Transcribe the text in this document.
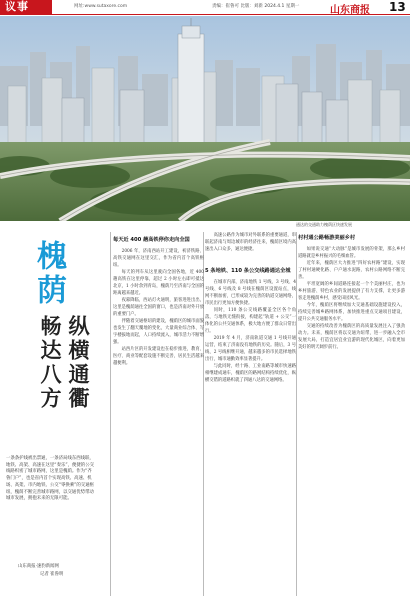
议事	网址:www.sutaxore.com	责编：崔鲁可 比版：刘新 2024.4.1 星期一	山东商报 13
通达的交通助力槐荫区快速发展
槐荫
纵横通衢 畅达八方
一条条护线被出票通，一条济局线东西线联，地铁、高架、高速在这里“奏乐”，便捷的公交线路织密了城市路网，这里是槐荫。作为“齐鲁门户”，也是省内首个实现高铁、高速、机场、高架、市内地铁、公交“零换乘”的交通枢纽，槐荫不断完善城市路网，以交通优势带动城市发展，拥抱未来的无限可能。
山东商报·速豹新闻网
记者 崔鲁明
每天近 400 趟高铁停你走向全国

2006 年，济南西站开工建设，初济铁路、高铁交通网在这里交汇，作为省内首个高铁枢纽。

每天的列车从这里驶向全国各地，近 400 趟高铁在这里停靠，超过 2 小时左右即可抵达北京，1 小时余到青岛，槐荫乃至济南与全国的距离越来越近。

夜幕降临，西站灯火通明，旅客进进出出，这里是槐荫通往全国的窗口，也是济南对外开放的重要门户。

伴随着交通枢纽的建设，槐荫区的城市面貌也发生了翻天覆地的变化，大量商业综合体、写字楼拔地而起，人口持续流入，城市活力不断增强。

站西片区的开发建设也在稳步推进，教育、医疗、商业等配套设施不断完善，居民生活越来越便利。

高速公路作为城市对外联系的重要通道，串联起济南与周边城市的经济往来，槐荫区境内高速出入口众多，通达便捷。

5 条地铁、110 条公交线路通达全城

在城市内部，济南地铁 1 号线、3 号线、4 号线、6 号线及 8 号线在槐荫区设置站点，线网不断加密，已形成较为完善的轨道交通网络，市民出行更加方便快捷。

同时，110 条公交线路覆盖全区各个角落，与地铁无缝衔接，构建起“轨道 + 公交”一体化的公共交通体系，极大地方便了群众日常出行。

2019 年 4 月，济南轨道交通 1 号线开通运营，结束了济南没有地铁的历史。随后，3 号线、2 号线相继开通，越来越多的市民选择地铁出行，城市通勤效率显著提升。

与此同时，经十路、工业南路等城市快速路相继建成通车，槐荫区的路网结构持续优化，纵横交错的道路织就了四通八达的交通网络。

村村通公路畅游美丽乡村

如果说交通“大动脉”是城市发展的骨架，那么乡村道路就是乡村振兴的毛细血管。

近年来，槐荫区大力推进“四好农村路”建设，实现了村村通硬化路、户户通水泥路，农村公路网络不断完善。

平坦宽阔的乡间道路连接起一个个美丽村庄，也为乡村旅游、特色农业的发展提供了有力支撑，让更多游客走进槐荫乡村，感受田园风光。

今年，槐荫区将继续加大交通基础设施建设投入，持续完善城乡路网体系，加快推进重点交通项目建设，提升公共交通服务水平。

交通的持续改善为槐荫区的高质量发展注入了强劲动力。未来，槐荫区将以交通为纽带，进一步融入全市发展大局，打造宜居宜业宜游的现代化城区，向着更加美好的明天阔步前行。
